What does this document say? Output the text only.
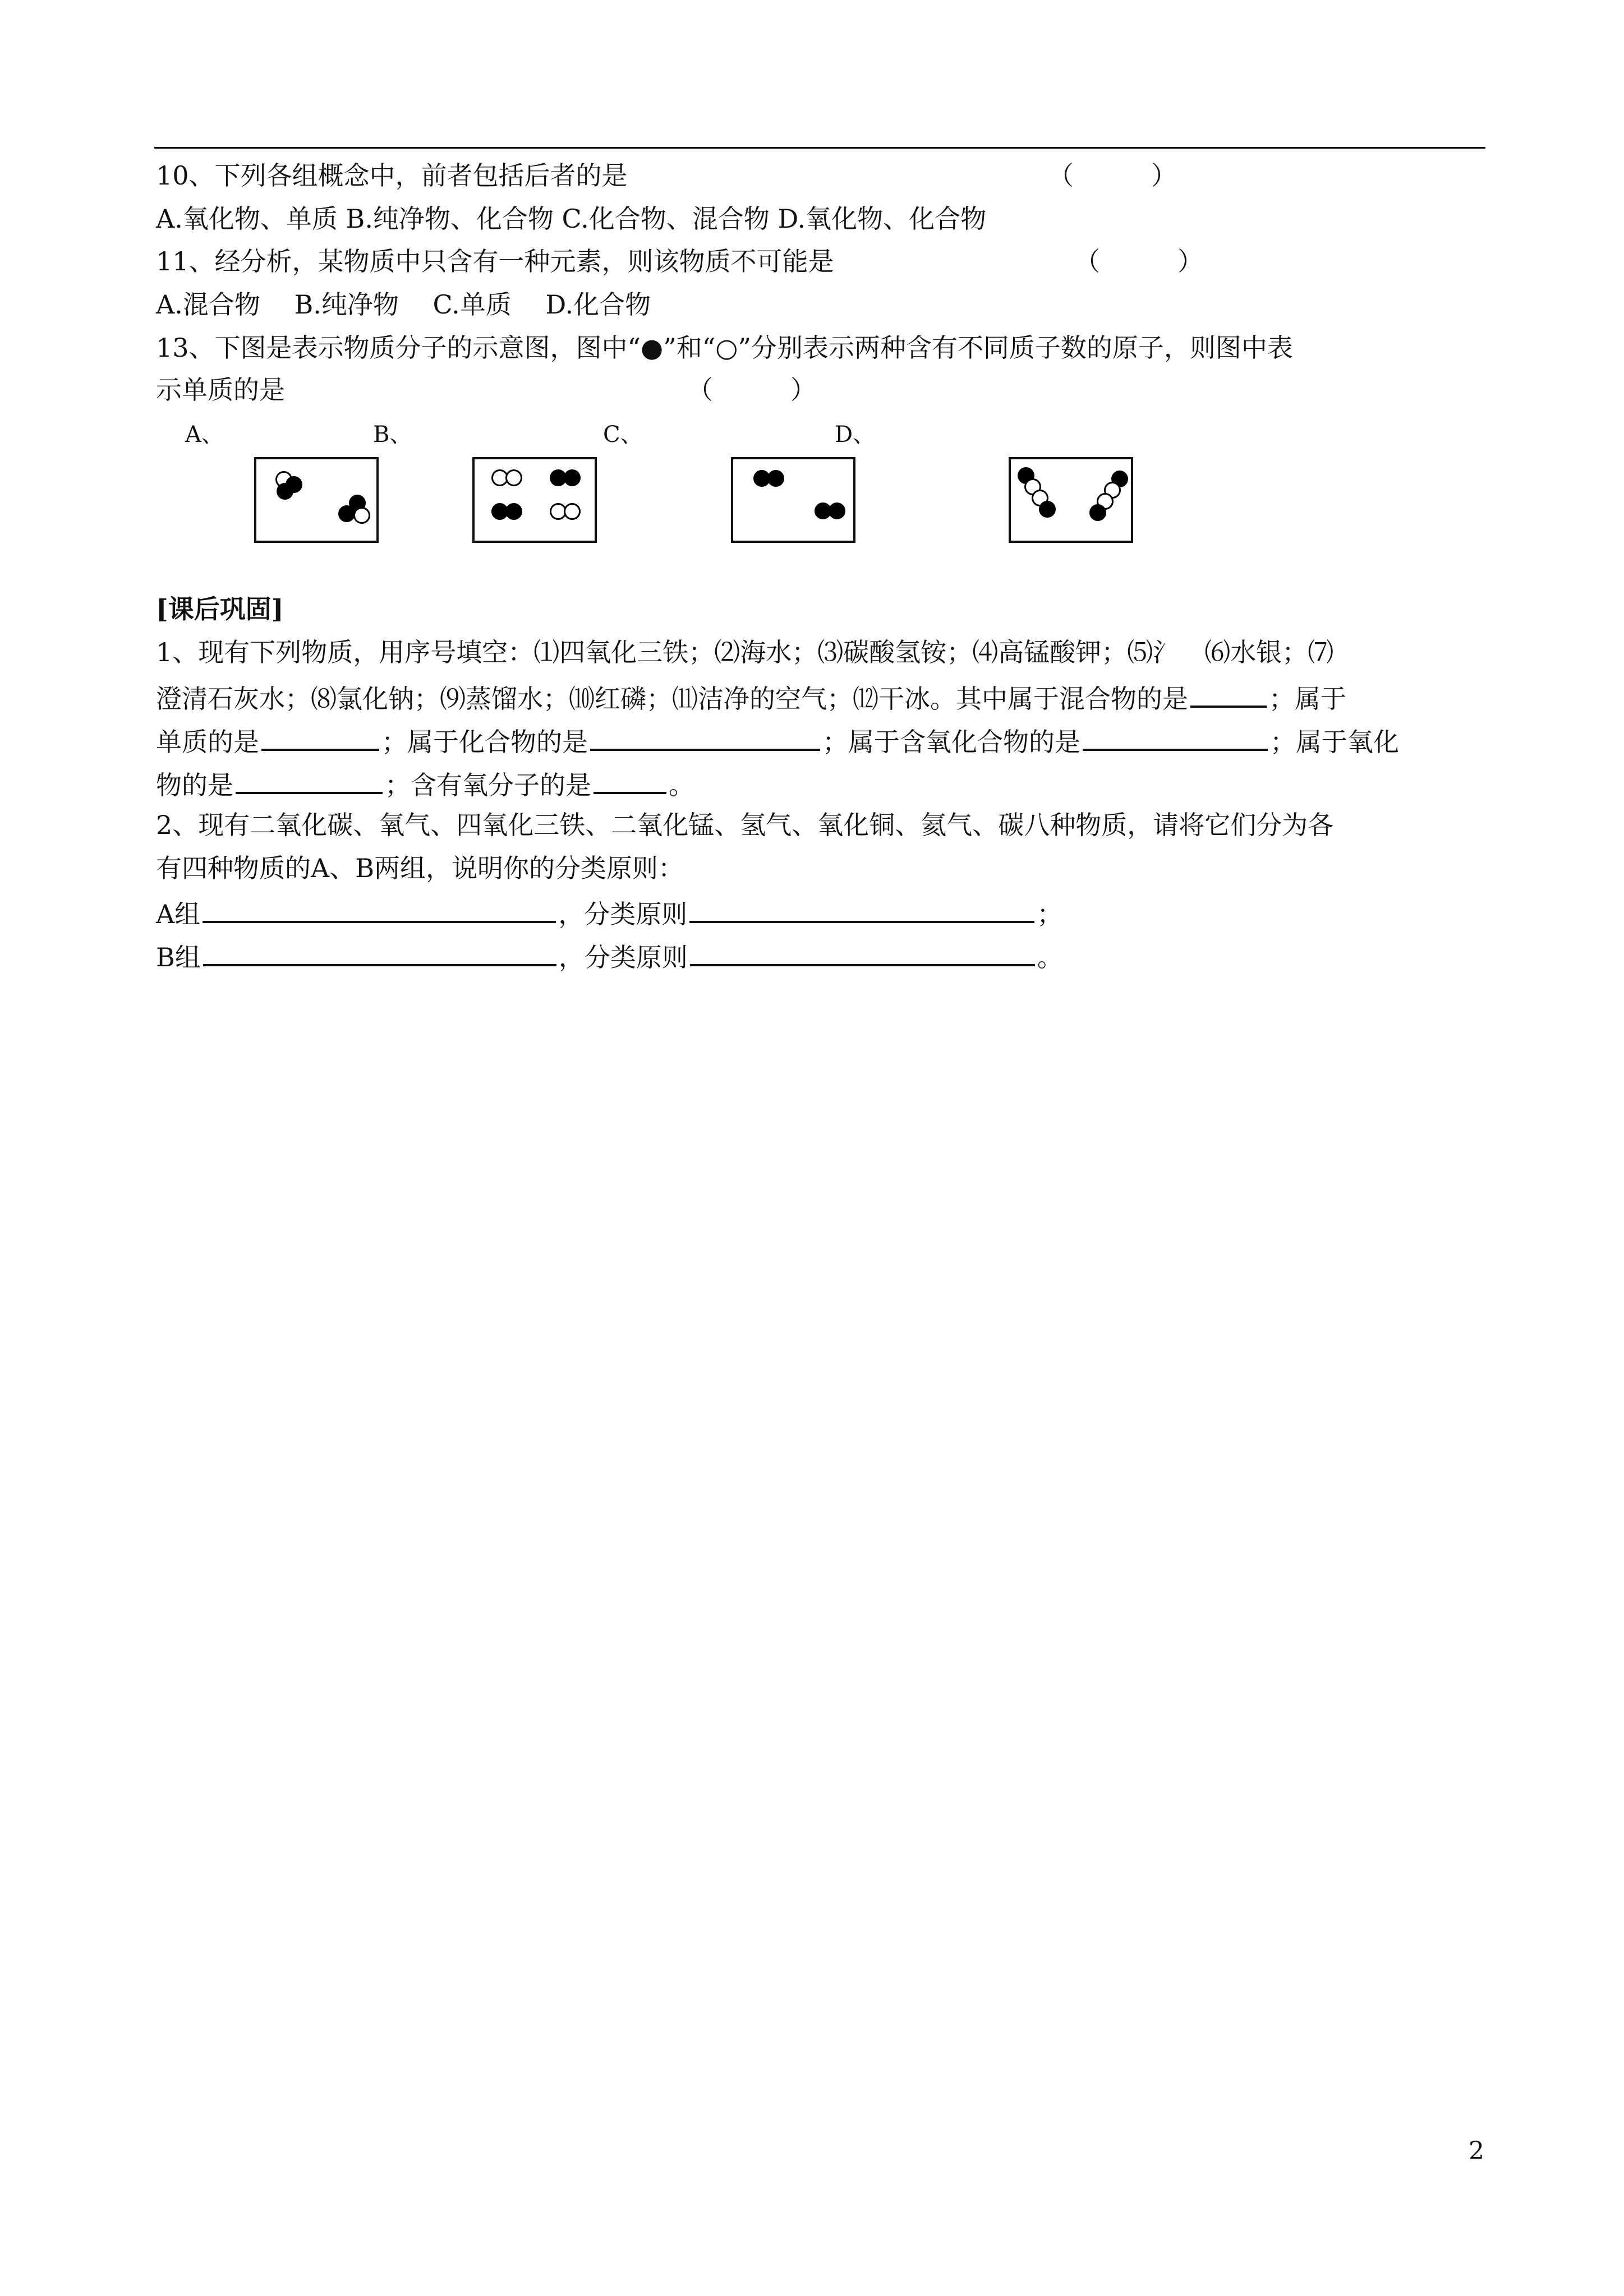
10、下列各组概念中，前者包括后者的是	（　　　）
A.氧化物、单质 B.纯净物、化合物 C.化合物、混合物 D.氧化物、化合物
11、经分析，某物质中只含有一种元素，则该物质不可能是	（　　　）
A.混合物　 B.纯净物　 C.单质　 D.化合物
13、下图是表示物质分子的示意图，图中“●”和“○”分别表示两种含有不同质子数的原子，则图中表
示单质的是	（　　　）
A、	B、	C、	D、
[课后巩固]
1、现有下列物质，用序号填空：⑴四氧化三铁；⑵海水；⑶碳酸氢铵；⑷高锰酸钾；⑸氵　⑹水银；⑺
澄清石灰水；⑻氯化钠；⑼蒸馏水；⑽红磷；⑾洁净的空气；⑿干冰。其中属于混合物的是	；属于
单质的是	；属于化合物的是	；属于含氧化合物的是	；属于氧化
物的是	；含有氧分子的是	。
2、现有二氧化碳、氧气、四氧化三铁、二氧化锰、氢气、氧化铜、氦气、碳八种物质，请将它们分为各
有四种物质的A、B两组，说明你的分类原则：
A组	，分类原则	；
B组	，分类原则	。
2
